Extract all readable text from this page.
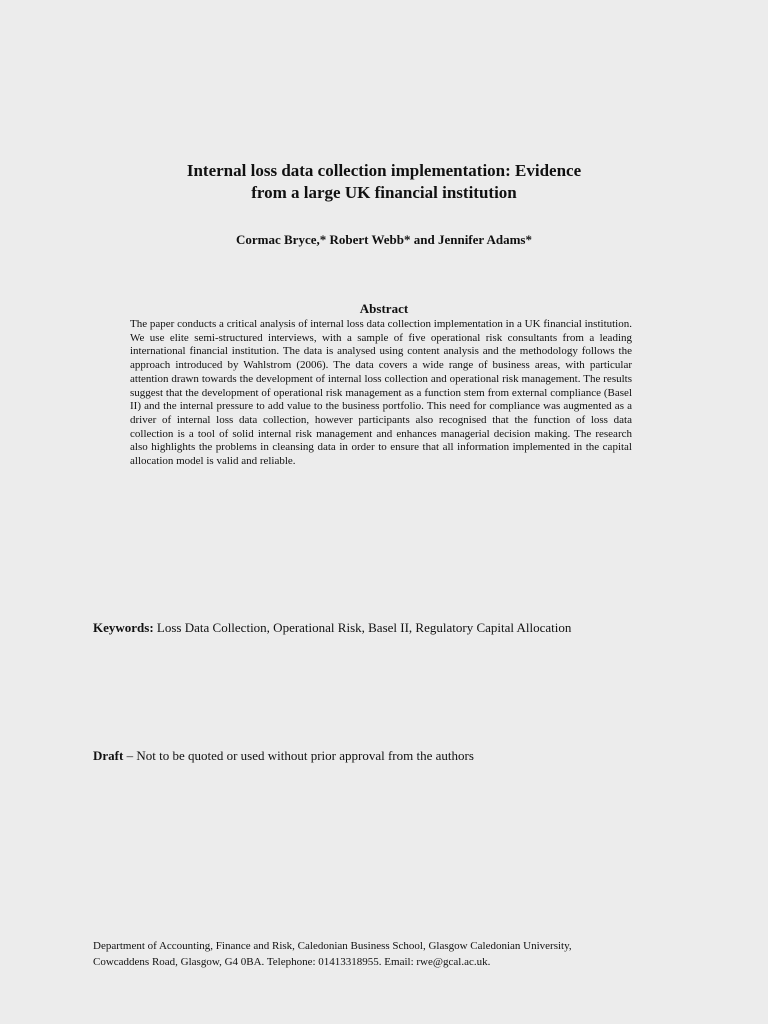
Internal loss data collection implementation: Evidence
from a large UK financial institution
Cormac Bryce,* Robert Webb* and Jennifer Adams*
Abstract
The paper conducts a critical analysis of internal loss data collection implementation in a UK financial institution. We use elite semi-structured interviews, with a sample of five operational risk consultants from a leading international financial institution. The data is analysed using content analysis and the methodology follows the approach introduced by Wahlstrom (2006). The data covers a wide range of business areas, with particular attention drawn towards the development of internal loss collection and operational risk management. The results suggest that the development of operational risk management as a function stem from external compliance (Basel II) and the internal pressure to add value to the business portfolio. This need for compliance was augmented as a driver of internal loss data collection, however participants also recognised that the function of loss data collection is a tool of solid internal risk management and enhances managerial decision making. The research also highlights the problems in cleansing data in order to ensure that all information implemented in the capital allocation model is valid and reliable.
Keywords: Loss Data Collection, Operational Risk, Basel II, Regulatory Capital Allocation
Draft – Not to be quoted or used without prior approval from the authors
Department of Accounting, Finance and Risk, Caledonian Business School, Glasgow Caledonian University,
Cowcaddens Road, Glasgow, G4 0BA. Telephone: 01413318955. Email: rwe@gcal.ac.uk.
